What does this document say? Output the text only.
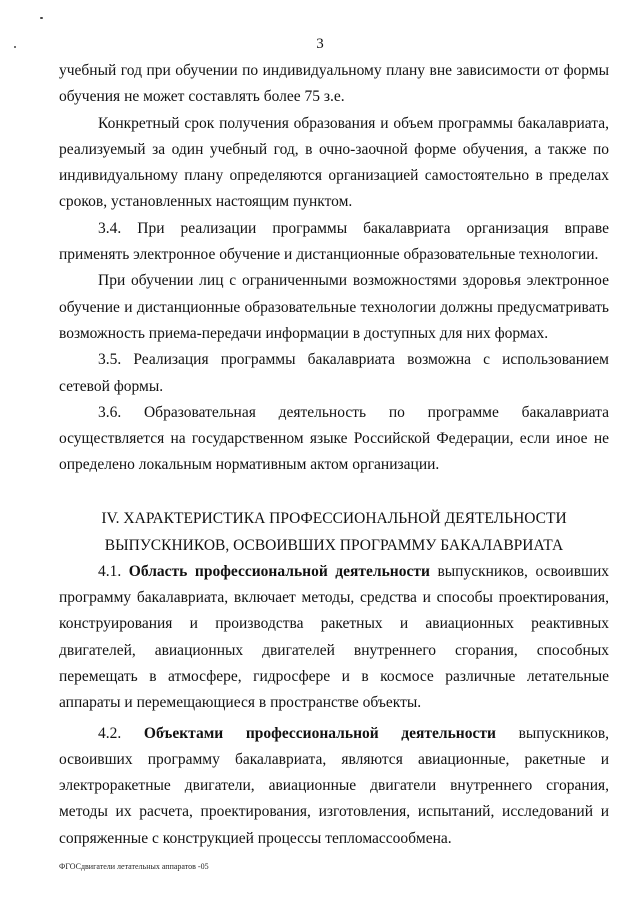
3

учебный год при обучении по индивидуальному плану вне зависимости от формы

обучения не может составлять более 75 з.е.

Конкретный срок получения образования и объем программы бакалавриата, реализуемый за один учебный год, в очно-заочной форме обучения, а также по индивидуальному плану определяются организацией самостоятельно в пределах сроков, установленных настоящим пунктом.

3.4. При реализации программы бакалавриата организация вправе применять электронное обучение и дистанционные образовательные технологии.

При обучении лиц с ограниченными возможностями здоровья электронное обучение и дистанционные образовательные технологии должны предусматривать возможность приема-передачи информации в доступных для них формах.

3.5. Реализация программы бакалавриата возможна с использованием сетевой формы.

3.6. Образовательная деятельность по программе бакалавриата осуществляется на государственном языке Российской Федерации, если иное не определено локальным нормативным актом организации.

IV. ХАРАКТЕРИСТИКА ПРОФЕССИОНАЛЬНОЙ ДЕЯТЕЛЬНОСТИ
ВЫПУСКНИКОВ, ОСВОИВШИХ ПРОГРАММУ БАКАЛАВРИАТА

4.1. Область профессиональной деятельности выпускников, освоивших программу бакалавриата, включает методы, средства и способы проектирования, конструирования и производства ракетных и авиационных реактивных двигателей, авиационных двигателей внутреннего сгорания, способных перемещать в атмосфере, гидросфере и в космосе различные летательные аппараты и перемещающиеся в пространстве объекты.

4.2. Объектами профессиональной деятельности выпускников, освоивших программу бакалавриата, являются авиационные, ракетные и электроракетные двигатели, авиационные двигатели внутреннего сгорания, методы их расчета, проектирования, изготовления, испытаний, исследований и сопряженные с конструкцией процессы тепломассообмена.

ФГОСдвигатели летательных аппаратов -05
